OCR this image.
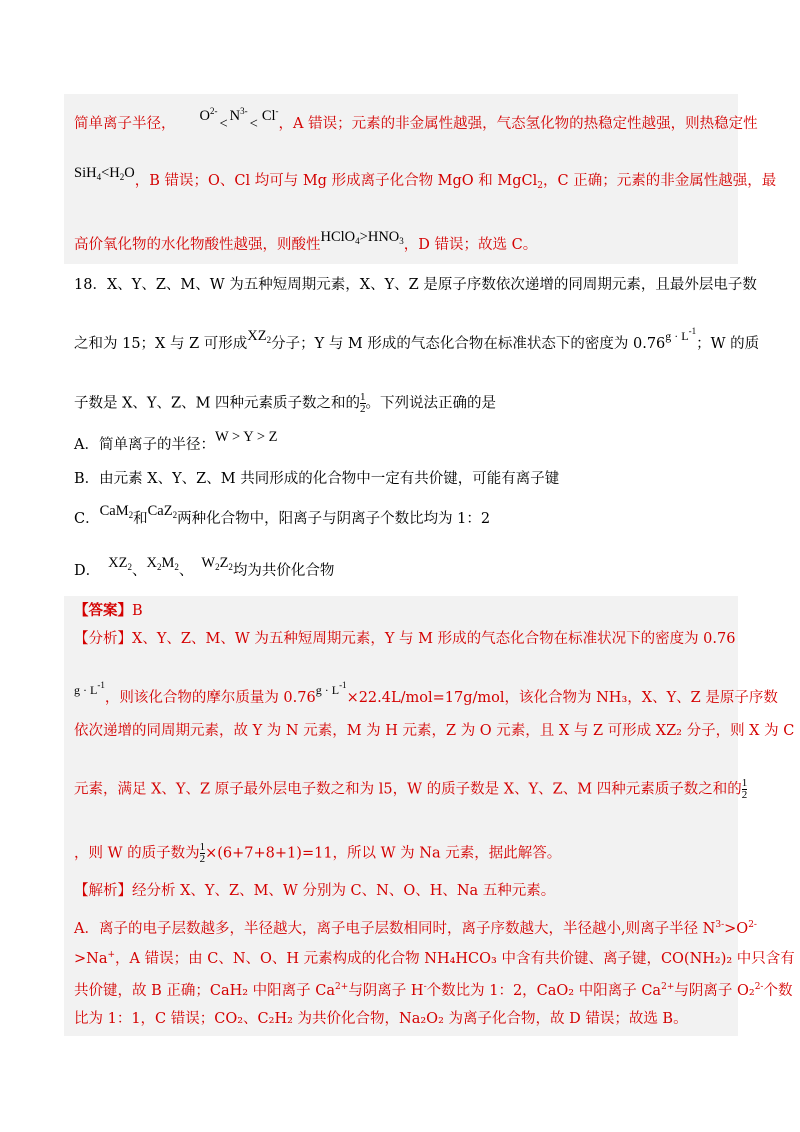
简单离子半径， $O^{2-}< N^{3-}< Cl^-$，A 错误；元素的非金属性越强，气态氢化物的热稳定性越强，则热稳定性
$SiH_4<H_2O$，B 错误；O、Cl 均可与 Mg 形成离子化合物 MgO 和 MgCl$_2$，C 正确；元素的非金属性越强，最
高价氧化物的水化物酸性越强，则酸性$HClO_4>HNO_3$，D 错误；故选 C。
18．X、Y、Z、M、W 为五种短周期元素，X、Y、Z 是原子序数依次递增的同周期元素，且最外层电子数
之和为 15；X 与 Z 可形成$XZ_2$分子；Y 与 M 形成的气态化合物在标准状态下的密度为 $0.76^{g \cdot L^{-1}}$；W 的质
子数是 X、Y、Z、M 四种元素质子数之和的 $\frac{1}{2}$ 。下列说法正确的是
A．简单离子的半径：W > Y > Z
B．由元素 X、Y、Z、M 共同形成的化合物中一定有共价键，可能有离子键
C．CaM$_2$和CaZ$_2$两种化合物中，阳离子与阴离子个数比均为 1：2
D． $XZ_2$、$X_2M_2$、 $W_2Z_2$均为共价化合物
【答案】B
【分析】X、Y、Z、M、W 为五种短周期元素，Y 与 M 形成的气态化合物在标准状况下的密度为 0.76
$^{g \cdot L^{-1}}$，则该化合物的摩尔质量为 $0.76^{g \cdot L^{-1}}\times 22.4L/mol=17g$/mol，该化合物为 NH₃，X、Y、Z 是原子序数
依次递增的同周期元素，故 Y 为 N 元素，M 为 H 元素，Z 为 O 元素，且 X 与 Z 可形成 XZ₂ 分子，则 X 为 C
元素，满足 X、Y、Z 原子最外层电子数之和为 l5，W 的质子数是 X、Y、Z、M 四种元素质子数之和的 $\frac{1}{2}$
，则 W 的质子数为 $\frac{1}{2} \times(6+7+8+1)=11$，所以 W 为 Na 元素，据此解答。
【解析】经分析 X、Y、Z、M、W 分别为 C、N、O、H、Na 五种元素。
A．离子的电子层数越多，半径越大，离子电子层数相同时，离子序数越大，半径越小,则离子半径 $N^{3-}>O^{2-}$
>Na+，A 错误；由 C、N、O、H 元素构成的化合物 NH₄HCO₃ 中含有共价键、离子键，CO(NH₂)₂ 中只含有
共价键，故 B 正确；CaH₂ 中阳离子 $Ca^{2+}$与阴离子 H-个数比为 1：2，CaO₂ 中阳离子 $Ca^{2+}$与阴离子 O₂$^{2-}$个数
比为 1：1，C 错误；CO₂、C₂H₂ 为共价化合物，Na₂O₂ 为离子化合物，故 D 错误；故选 B。
